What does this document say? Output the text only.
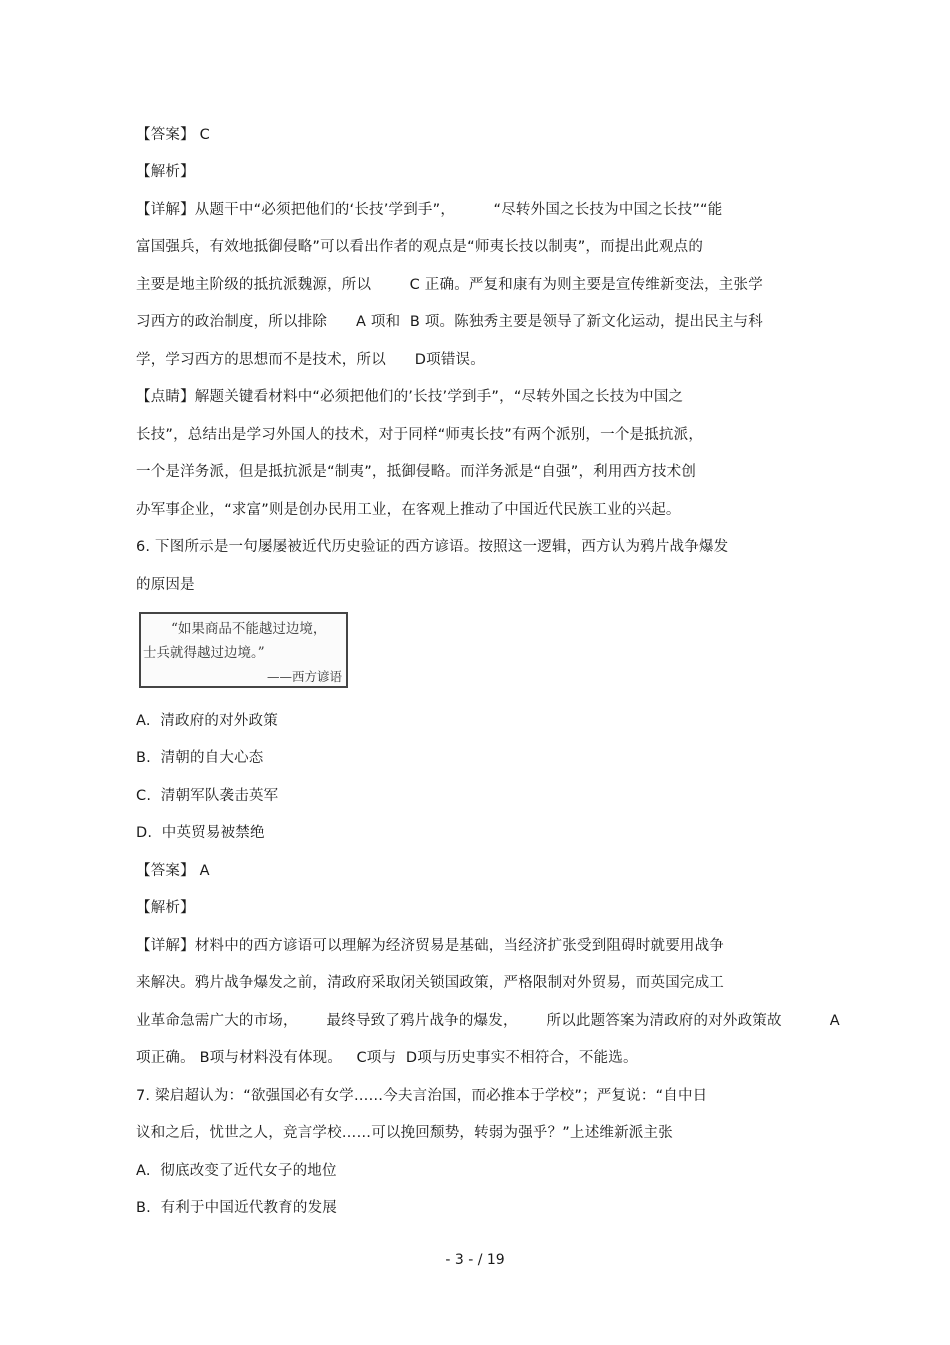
【答案】 C
【解析】
【详解】从题干中“必须把他们的‘长技’学到手”，        “尽转外国之长技为中国之长技”“能
富国强兵，有效地抵御侵略”可以看出作者的观点是“师夷长技以制夷”，而提出此观点的
主要是地主阶级的抵抗派魏源，所以        C 正确。严复和康有为则主要是宣传维新变法，主张学
习西方的政治制度，所以排除      A 项和  B 项。陈独秀主要是领导了新文化运动，提出民主与科
学，学习西方的思想而不是技术，所以      D项错误。
【点睛】解题关键看材料中“必须把他们的’长技’学到手”，“尽转外国之长技为中国之
长技”，总结出是学习外国人的技术，对于同样“师夷长技”有两个派别，一个是抵抗派，
一个是洋务派，但是抵抗派是“制夷”，抵御侵略。而洋务派是“自强”，利用西方技术创
办军事企业，“求富”则是创办民用工业，在客观上推动了中国近代民族工业的兴起。
6. 下图所示是一句屡屡被近代历史验证的西方谚语。按照这一逻辑，西方认为鸦片战争爆发
的原因是
“如果商品不能越过边境，
士兵就得越过边境。”
——西方谚语
A.  清政府的对外政策
B.  清朝的自大心态
C.  清朝军队袭击英军
D.  中英贸易被禁绝
【答案】 A
【解析】
【详解】材料中的西方谚语可以理解为经济贸易是基础，当经济扩张受到阻碍时就要用战争
来解决。鸦片战争爆发之前，清政府采取闭关锁国政策，严格限制对外贸易，而英国完成工
业革命急需广大的市场，      最终导致了鸦片战争的爆发，      所以此题答案为清政府的对外政策故          A
项正确。 B项与材料没有体现。   C项与  D项与历史事实不相符合，不能选。
7. 梁启超认为：“欲强国必有女学……今夫言治国，而必推本于学校”；严复说：“自中日
议和之后，忧世之人，竞言学校……可以挽回颓势，转弱为强乎？”上述维新派主张
A.  彻底改变了近代女子的地位
B.  有利于中国近代教育的发展
- 3 - / 19
